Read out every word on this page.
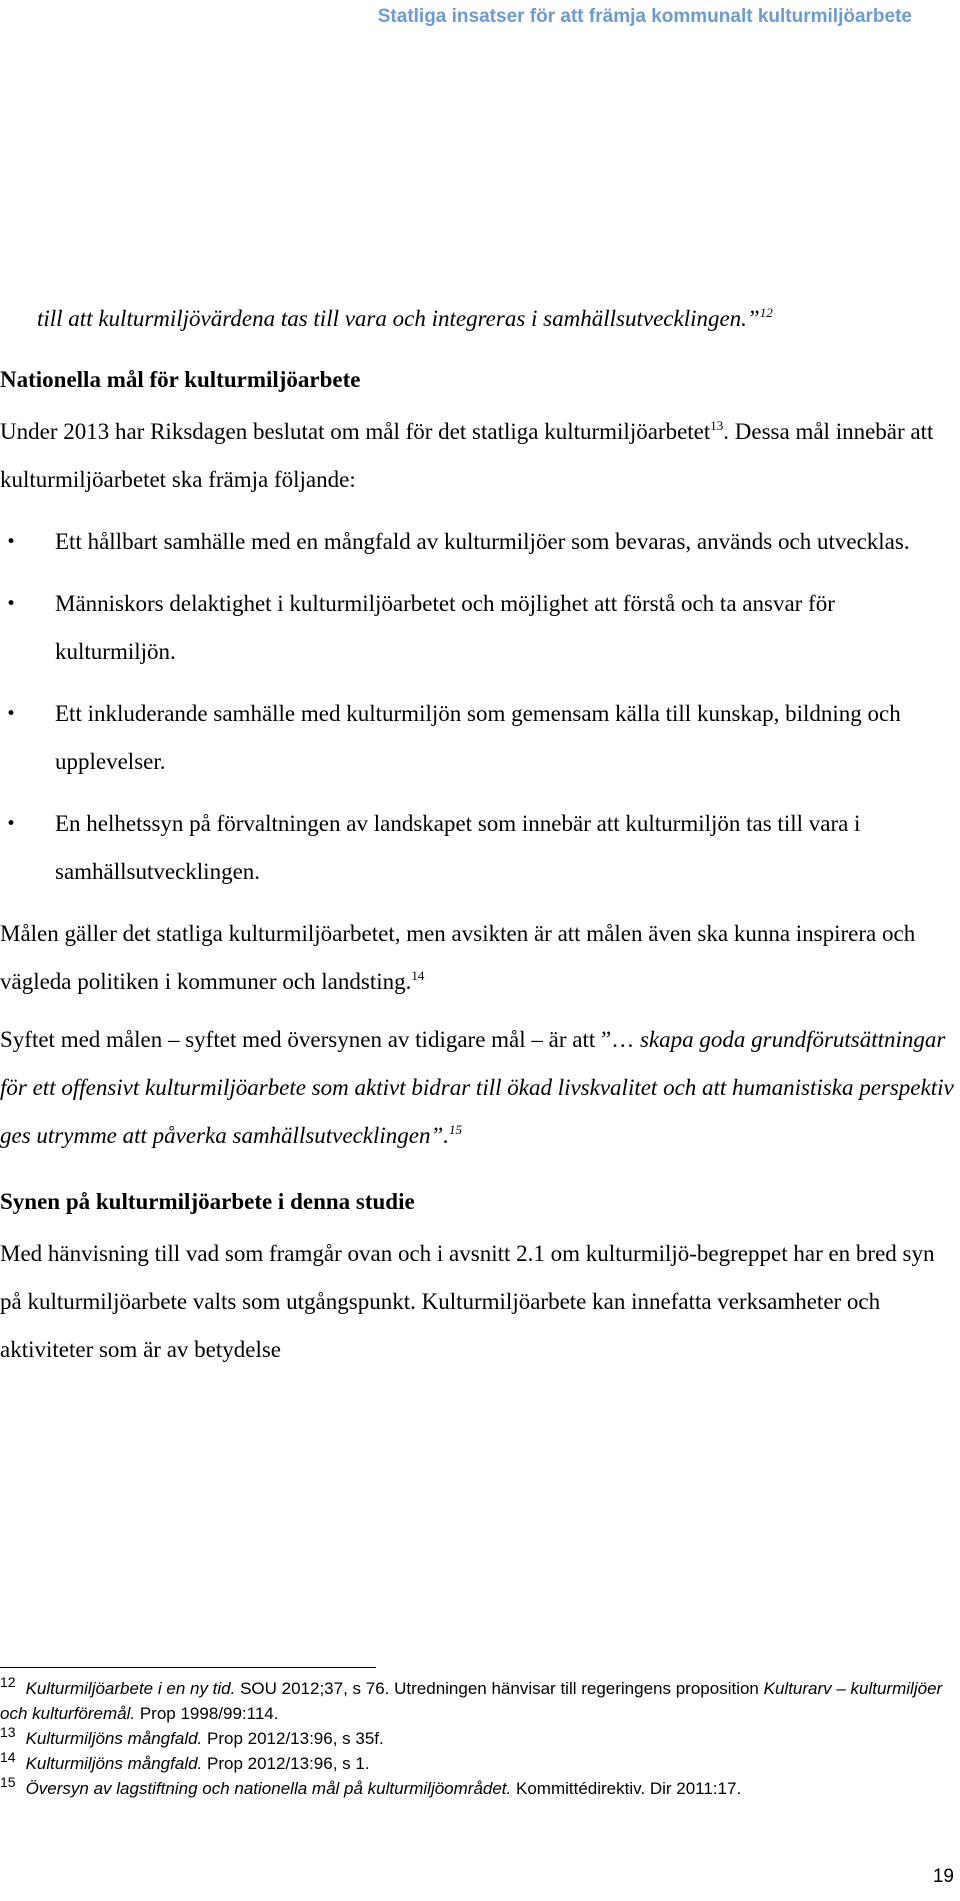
Statliga insatser för att främja kommunalt kulturmiljöarbete

till att kulturmiljövärdena tas till vara och integreras i samhällsutvecklingen.”$^{12}$

Nationella mål för kulturmiljöarbete

Under 2013 har Riksdagen beslutat om mål för det statliga kulturmiljöarbetet$^{13}$. Dessa mål innebär att kulturmiljöarbetet ska främja följande:

• Ett hållbart samhälle med en mångfald av kulturmiljöer som bevaras, används och utvecklas.
• Människors delaktighet i kulturmiljöarbetet och möjlighet att förstå och ta ansvar för kulturmiljön.
• Ett inkluderande samhälle med kulturmiljön som gemensam källa till kunskap, bildning och upplevelser.
• En helhetssyn på förvaltningen av landskapet som innebär att kulturmiljön tas till vara i samhällsutvecklingen.

Målen gäller det statliga kulturmiljöarbetet, men avsikten är att målen även ska kunna inspirera och vägleda politiken i kommuner och landsting.$^{14}$

Syftet med målen – syftet med översynen av tidigare mål – är att ”… skapa goda grundförutsättningar för ett offensivt kulturmiljöarbete som aktivt bidrar till ökad livskvalitet och att humanistiska perspektiv ges utrymme att påverka samhällsutvecklingen”.$^{15}$

Synen på kulturmiljöarbete i denna studie

Med hänvisning till vad som framgår ovan och i avsnitt 2.1 om kulturmiljö-begreppet har en bred syn på kulturmiljöarbete valts som utgångspunkt. Kulturmiljöarbete kan innefatta verksamheter och aktiviteter som är av betydelse

$^{12}$ Kulturmiljöarbete i en ny tid. SOU 2012;37, s 76. Utredningen hänvisar till regeringens proposition Kulturarv – kulturmiljöer och kulturföremål. Prop 1998/99:114.

$^{13}$ Kulturmiljöns mångfald. Prop 2012/13:96, s 35f.

$^{14}$ Kulturmiljöns mångfald. Prop 2012/13:96, s 1.

$^{15}$ Översyn av lagstiftning och nationella mål på kulturmiljöområdet. Kommittédirektiv. Dir 2011:17.

19
